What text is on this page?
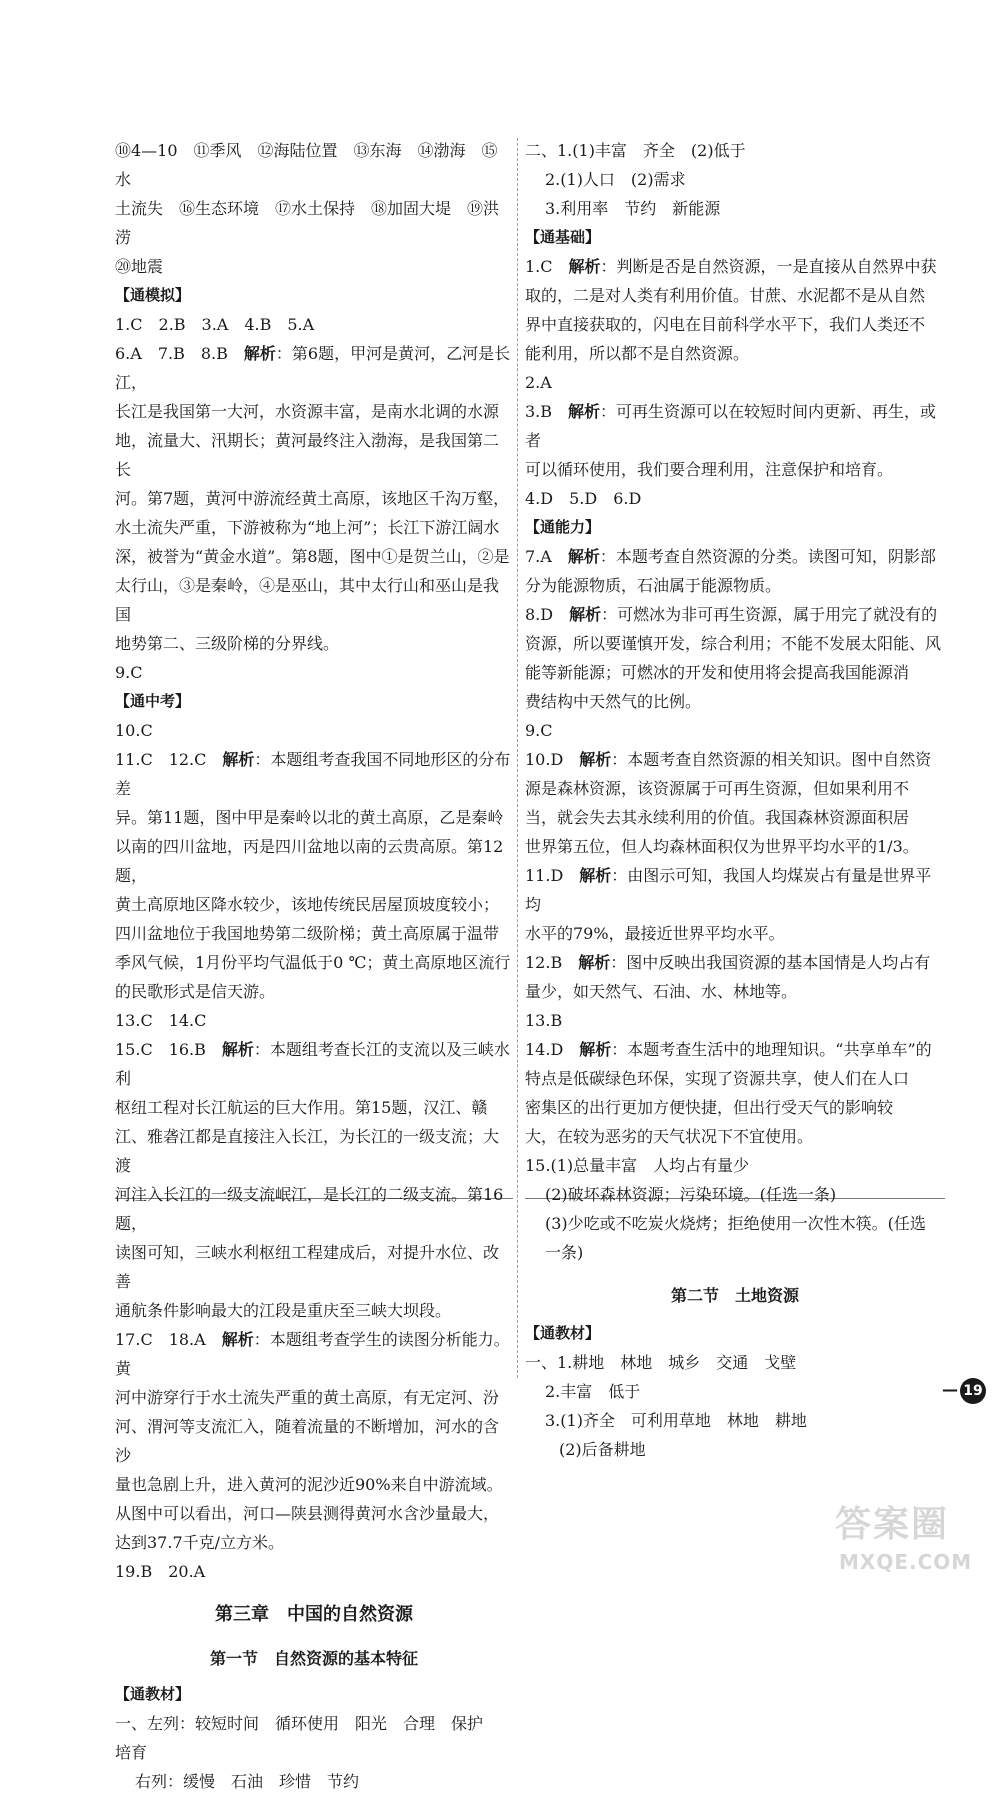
⑩4—10　⑪季风　⑫海陆位置　⑬东海　⑭渤海　⑮水

土流失　⑯生态环境　⑰水土保持　⑱加固大堤　⑲洪涝

⑳地震

【通模拟】

1.C　2.B　3.A　4.B　5.A

6.A　7.B　8.B　解析：第6题，甲河是黄河，乙河是长江，

长江是我国第一大河，水资源丰富，是南水北调的水源

地，流量大、汛期长；黄河最终注入渤海，是我国第二长

河。第7题，黄河中游流经黄土高原，该地区千沟万壑，

水土流失严重，下游被称为“地上河”；长江下游江阔水

深，被誉为“黄金水道”。第8题，图中①是贺兰山，②是

太行山，③是秦岭，④是巫山，其中太行山和巫山是我国

地势第二、三级阶梯的分界线。

9.C

【通中考】

10.C

11.C　12.C　解析：本题组考查我国不同地形区的分布差

异。第11题，图中甲是秦岭以北的黄土高原，乙是秦岭

以南的四川盆地，丙是四川盆地以南的云贵高原。第12题，

黄土高原地区降水较少，该地传统民居屋顶坡度较小；

四川盆地位于我国地势第二级阶梯；黄土高原属于温带

季风气候，1月份平均气温低于0 ℃；黄土高原地区流行

的民歌形式是信天游。

13.C　14.C

15.C　16.B　解析：本题组考查长江的支流以及三峡水利

枢纽工程对长江航运的巨大作用。第15题，汉江、赣

江、雅砻江都是直接注入长江，为长江的一级支流；大渡

河注入长江的一级支流岷江，是长江的二级支流。第16题，

读图可知，三峡水利枢纽工程建成后，对提升水位、改善

通航条件影响最大的江段是重庆至三峡大坝段。

17.C　18.A　解析：本题组考查学生的读图分析能力。黄

河中游穿行于水土流失严重的黄土高原，有无定河、汾

河、渭河等支流汇入，随着流量的不断增加，河水的含沙

量也急剧上升，进入黄河的泥沙近90%来自中游流域。

从图中可以看出，河口—陕县测得黄河水含沙量最大，

达到37.7千克/立方米。

19.B　20.A

第三章　中国的自然资源

第一节　自然资源的基本特征

【通教材】

一、左列：较短时间　循环使用　阳光　合理　保护　培育

右列：缓慢　石油　珍惜　节约

二、1.(1)丰富　齐全　(2)低于

2.(1)人口　(2)需求

3.利用率　节约　新能源

【通基础】

1.C　解析：判断是否是自然资源，一是直接从自然界中获

取的，二是对人类有利用价值。甘蔗、水泥都不是从自然

界中直接获取的，闪电在目前科学水平下，我们人类还不

能利用，所以都不是自然资源。

2.A

3.B　解析：可再生资源可以在较短时间内更新、再生，或者

可以循环使用，我们要合理利用，注意保护和培育。

4.D　5.D　6.D

【通能力】

7.A　解析：本题考查自然资源的分类。读图可知，阴影部

分为能源物质，石油属于能源物质。

8.D　解析：可燃冰为非可再生资源，属于用完了就没有的

资源，所以要谨慎开发，综合利用；不能不发展太阳能、风

能等新能源；可燃冰的开发和使用将会提高我国能源消

费结构中天然气的比例。

9.C

10.D　解析：本题考查自然资源的相关知识。图中自然资

源是森林资源，该资源属于可再生资源，但如果利用不

当，就会失去其永续利用的价值。我国森林资源面积居

世界第五位，但人均森林面积仅为世界平均水平的1/3。

11.D　解析：由图示可知，我国人均煤炭占有量是世界平均

水平的79%，最接近世界平均水平。

12.B　解析：图中反映出我国资源的基本国情是人均占有

量少，如天然气、石油、水、林地等。

13.B

14.D　解析：本题考查生活中的地理知识。“共享单车”的

特点是低碳绿色环保，实现了资源共享，使人们在人口

密集区的出行更加方便快捷，但出行受天气的影响较

大，在较为恶劣的天气状况下不宜使用。

15.(1)总量丰富　人均占有量少

(2)破坏森林资源；污染环境。(任选一条)

(3)少吃或不吃炭火烧烤；拒绝使用一次性木筷。(任选

一条)

第二节　土地资源

【通教材】

一、1.耕地　林地　城乡　交通　戈壁

2.丰富　低于

3.(1)齐全　可利用草地　林地　耕地

(2)后备耕地

— 19
答案圈
MXQE.COM
